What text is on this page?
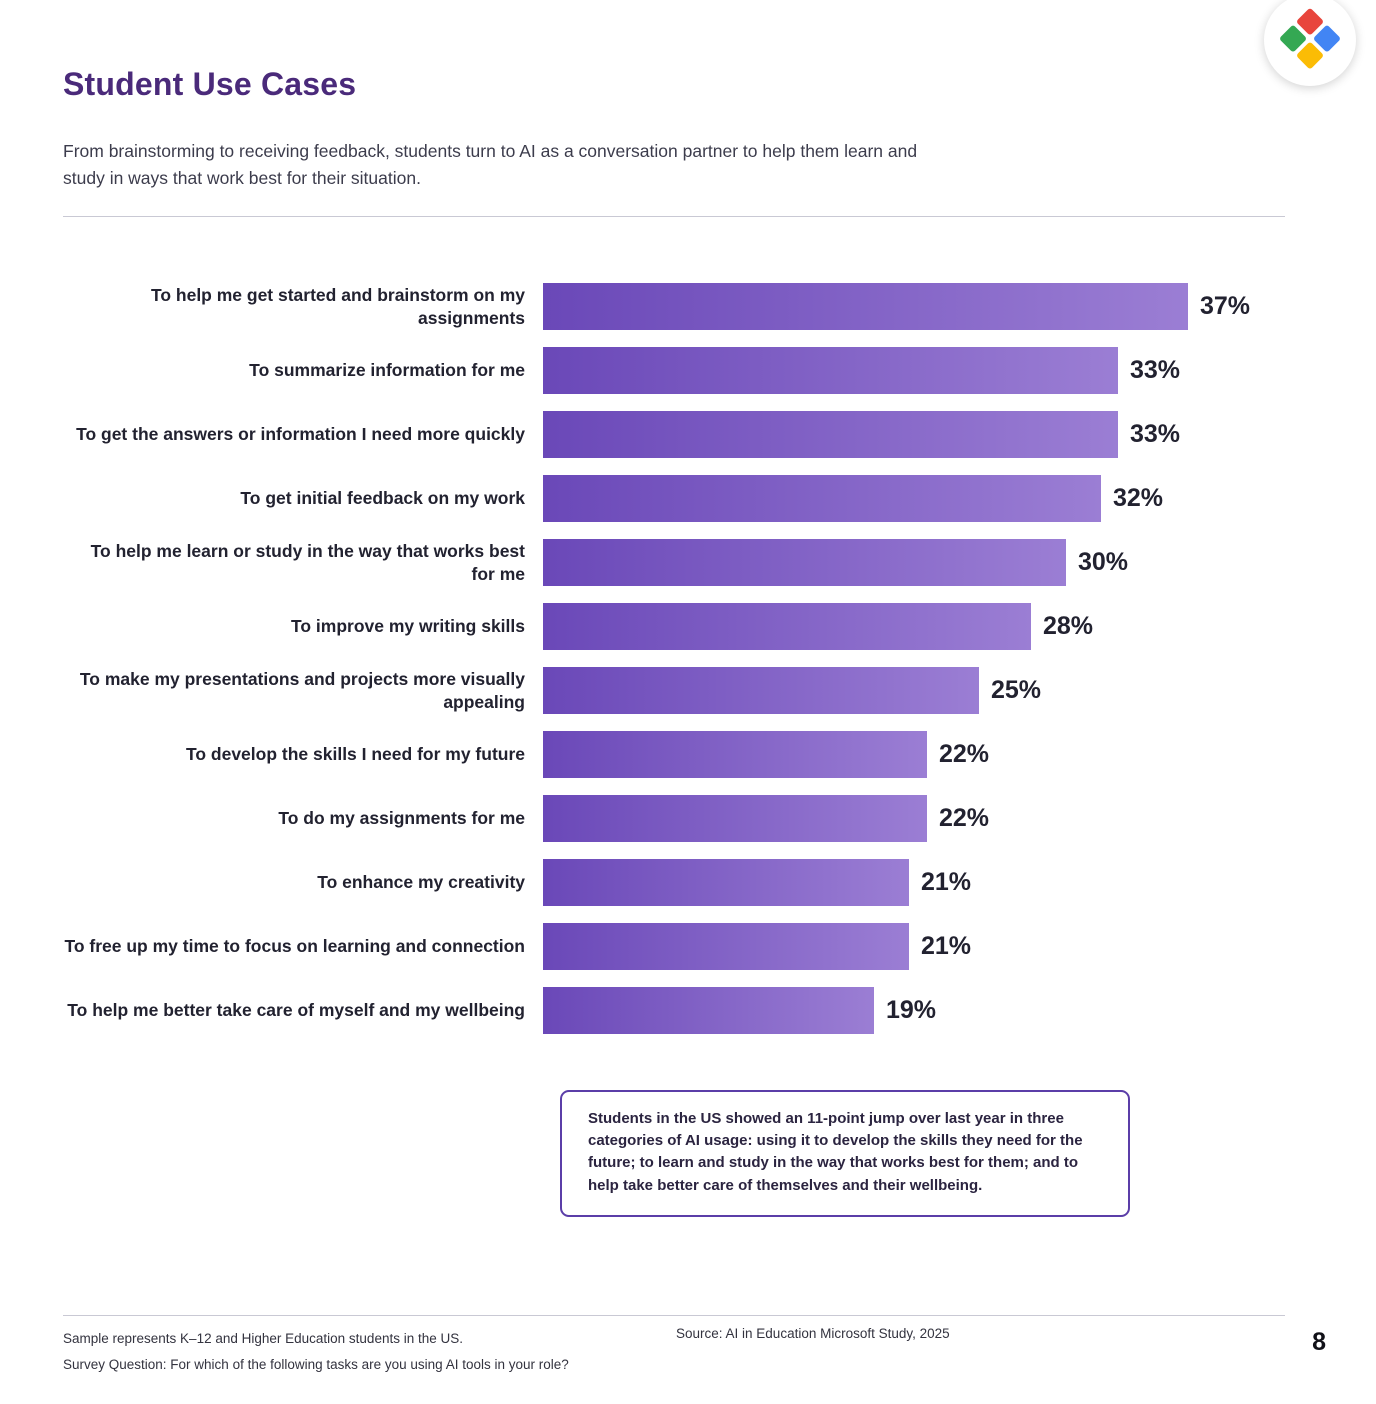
Student Use Cases
From brainstorming to receiving feedback, students turn to AI as a conversation partner to help them learn and study in ways that work best for their situation.
To help me get started and brainstorm on my assignments	37%
To summarize information for me	33%
To get the answers or information I need more quickly	33%
To get initial feedback on my work	32%
To help me learn or study in the way that works best for me	30%
To improve my writing skills	28%
To make my presentations and projects more visually appealing	25%
To develop the skills I need for my future	22%
To do my assignments for me	22%
To enhance my creativity	21%
To free up my time to focus on learning and connection	21%
To help me better take care of myself and my wellbeing	19%
Students in the US showed an 11-point jump over last year in three categories of AI usage: using it to develop the skills they need for the future; to learn and study in the way that works best for them; and to help take better care of themselves and their wellbeing.
Sample represents K–12 and Higher Education students in the US.
Survey Question: For which of the following tasks are you using AI tools in your role?
Source: AI in Education Microsoft Study, 2025	8
